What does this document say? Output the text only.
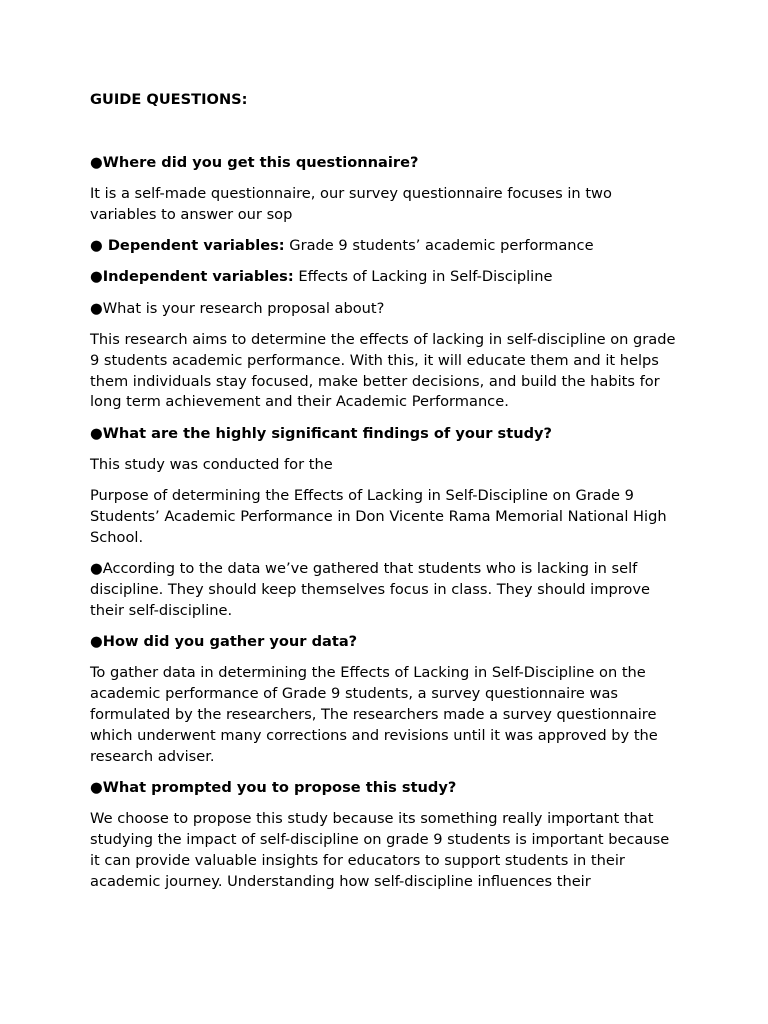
GUIDE QUESTIONS:

●Where did you get this questionnaire?

It is a self-made questionnaire, our survey questionnaire focuses in two variables to answer our sop

● Dependent variables: Grade 9 students’ academic performance

●Independent variables: Effects of Lacking in Self-Discipline

●What is your research proposal about?

This research aims to determine the effects of lacking in self-discipline on grade 9 students academic performance. With this, it will educate them and it helps them individuals stay focused, make better decisions, and build the habits for long term achievement and their Academic Performance.

●What are the highly significant findings of your study?

This study was conducted for the

Purpose of determining the Effects of Lacking in Self-Discipline on Grade 9 Students’ Academic Performance in Don Vicente Rama Memorial National High School.

●According to the data we’ve gathered that students who is lacking in self discipline. They should keep themselves focus in class. They should improve their self-discipline.

●How did you gather your data?

To gather data in determining the Effects of Lacking in Self-Discipline on the academic performance of Grade 9 students, a survey questionnaire was formulated by the researchers, The researchers made a survey questionnaire which underwent many corrections and revisions until it was approved by the research adviser.

●What prompted you to propose this study?

We choose to propose this study because its something really important that studying the impact of self-discipline on grade 9 students is important because it can provide valuable insights for educators to support students in their academic journey. Understanding how self-discipline influences their
